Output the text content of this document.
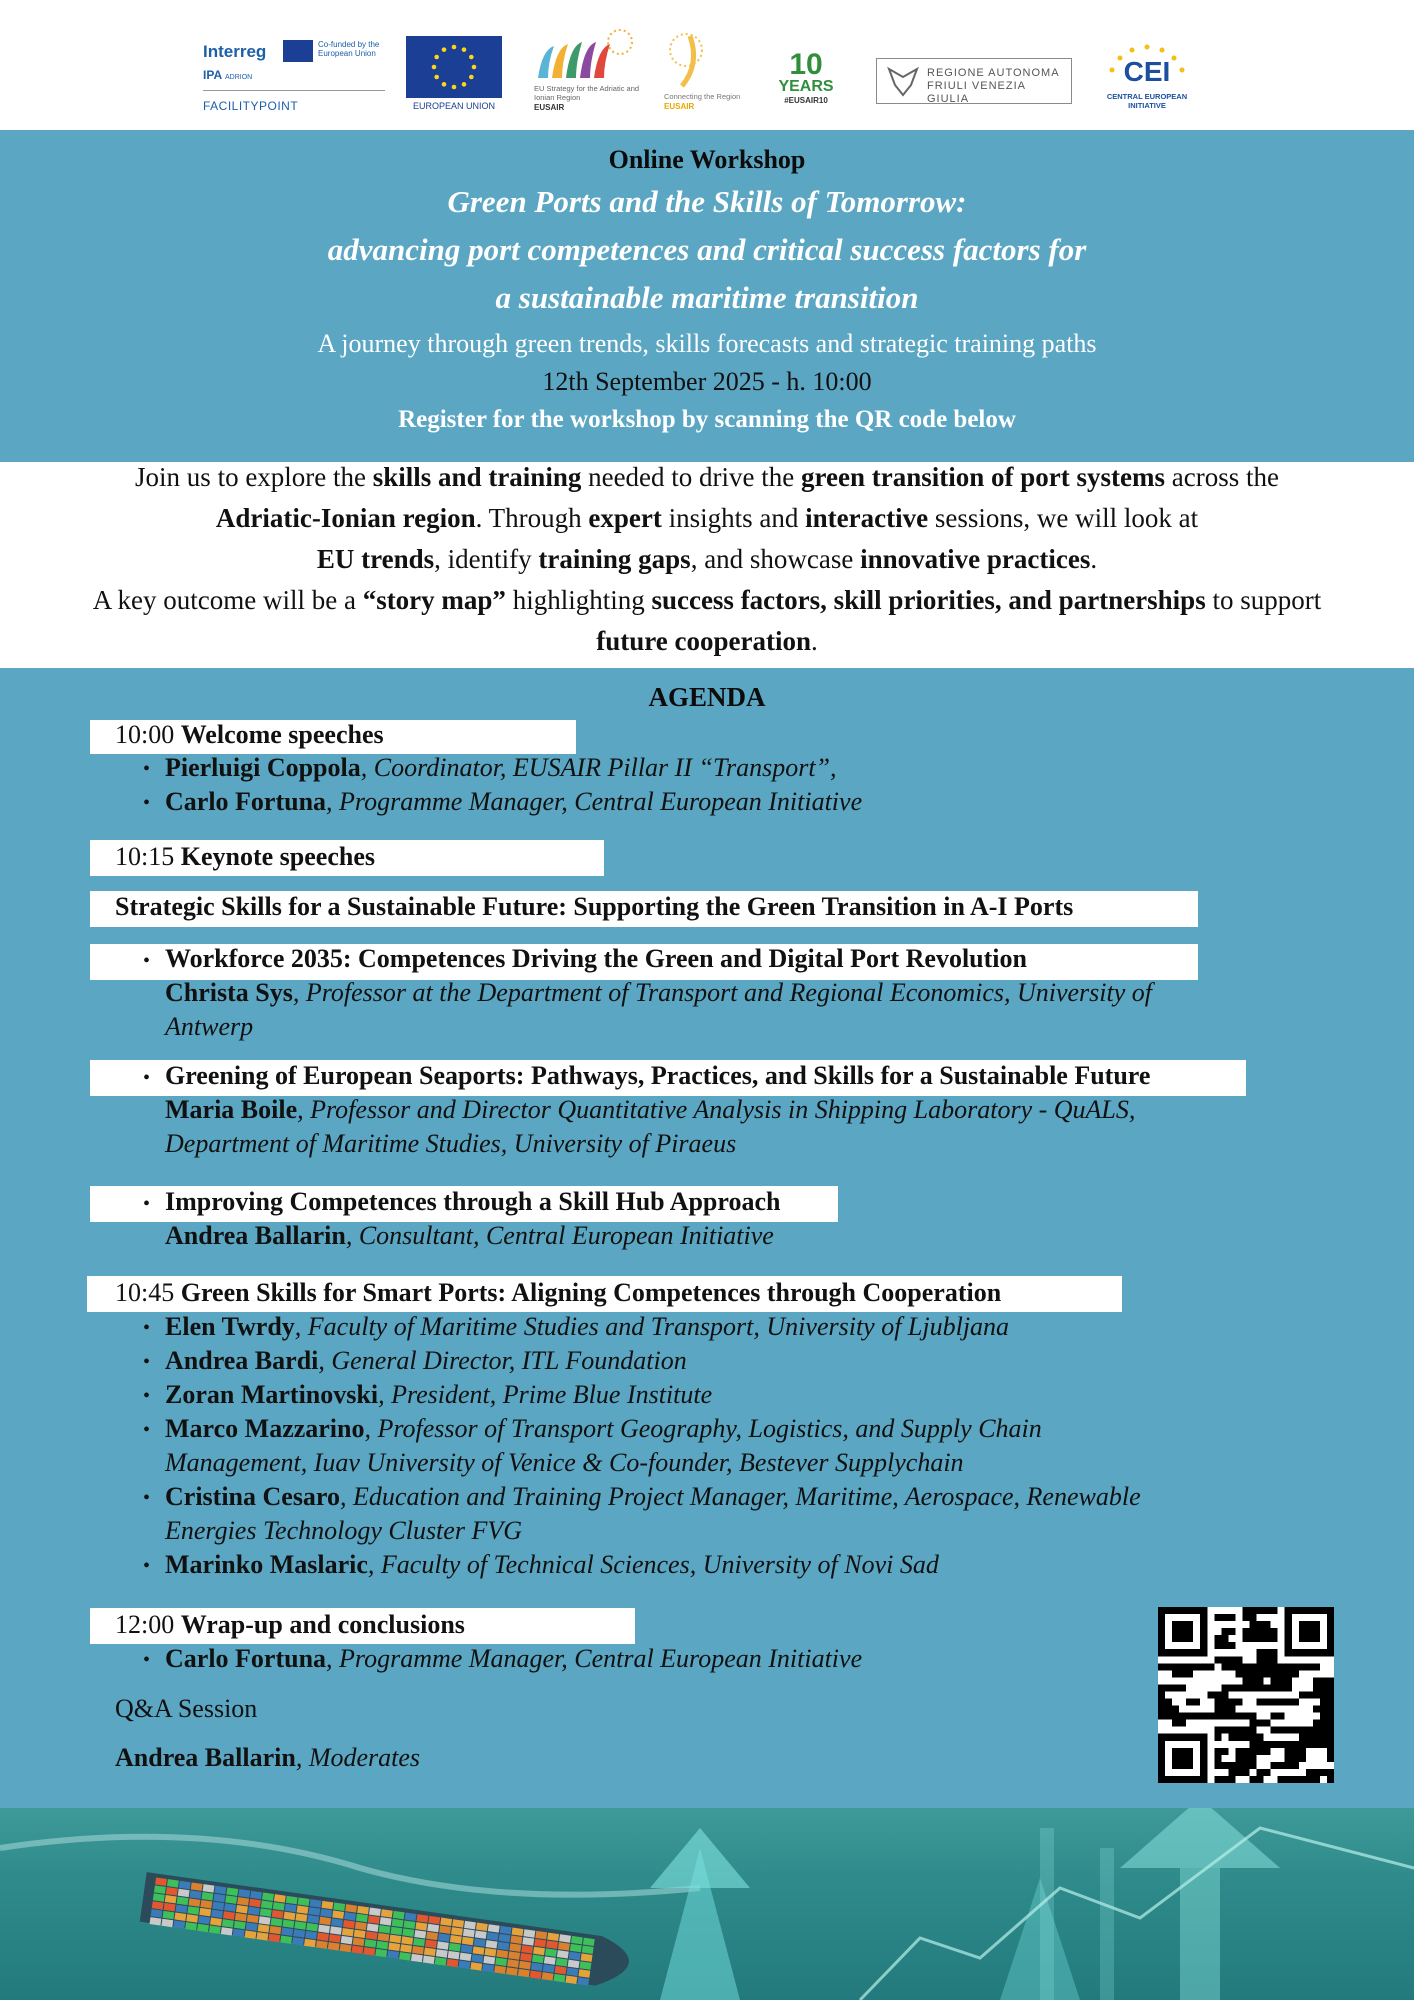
Interreg	Co-funded by the European Union
IPA ADRION
FACILITYPOINT	EUROPEAN UNION
EU Strategy for the Adriatic and Ionian Region
EUSAIR
Connecting the Region
EUSAIR
10
YEARS
#EUSAIR10
REGIONE AUTONOMA
FRIULI VENEZIA GIULIA
CEI
CENTRAL EUROPEAN INITIATIVE
Online Workshop
Green Ports and the Skills of Tomorrow:
advancing port competences and critical success factors for
a sustainable maritime transition
A journey through green trends, skills forecasts and strategic training paths
12th September 2025 - h. 10:00
Register for the workshop by scanning the QR code below
Join us to explore the skills and training needed to drive the green transition of port systems across the
Adriatic-Ionian region. Through expert insights and interactive sessions, we will look at
EU trends, identify training gaps, and showcase innovative practices.
A key outcome will be a “story map” highlighting success factors, skill priorities, and partnerships to support
future cooperation.
AGENDA
10:00 Welcome speeches
• Pierluigi Coppola, Coordinator, EUSAIR Pillar II “Transport”,
• Carlo Fortuna, Programme Manager, Central European Initiative
10:15 Keynote speeches
Strategic Skills for a Sustainable Future: Supporting the Green Transition in A-I Ports
• Workforce 2035: Competences Driving the Green and Digital Port Revolution
Christa Sys, Professor at the Department of Transport and Regional Economics, University of
Antwerp
• Greening of European Seaports: Pathways, Practices, and Skills for a Sustainable Future
Maria Boile, Professor and Director Quantitative Analysis in Shipping Laboratory - QuALS,
Department of Maritime Studies, University of Piraeus
• Improving Competences through a Skill Hub Approach
Andrea Ballarin, Consultant, Central European Initiative
10:45 Green Skills for Smart Ports: Aligning Competences through Cooperation
• Elen Twrdy, Faculty of Maritime Studies and Transport, University of Ljubljana
• Andrea Bardi, General Director, ITL Foundation
• Zoran Martinovski, President, Prime Blue Institute
• Marco Mazzarino, Professor of Transport Geography, Logistics, and Supply Chain
Management, Iuav University of Venice & Co-founder, Bestever Supplychain
• Cristina Cesaro, Education and Training Project Manager, Maritime, Aerospace, Renewable
Energies Technology Cluster FVG
• Marinko Maslaric, Faculty of Technical Sciences, University of Novi Sad
12:00 Wrap-up and conclusions
• Carlo Fortuna, Programme Manager, Central European Initiative
Q&A Session
Andrea Ballarin, Moderates
